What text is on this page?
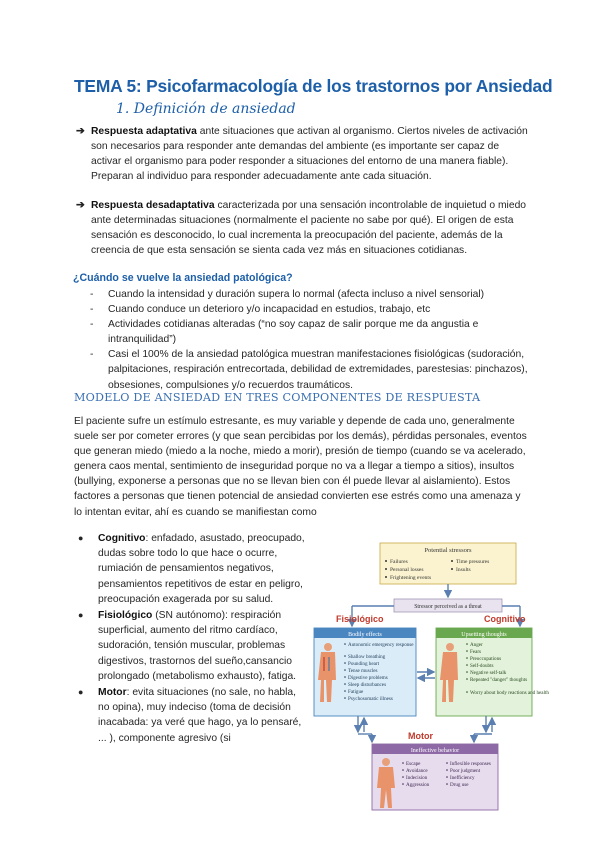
TEMA 5: Psicofarmacología de los trastornos por Ansiedad
1. Definición de ansiedad
➔ Respuesta adaptativa ante situaciones que activan al organismo. Ciertos niveles de activación son necesarios para responder ante demandas del ambiente (es importante ser capaz de activar el organismo para poder responder a situaciones del entorno de una manera fiable). Preparan al individuo para responder adecuadamente ante cada situación.
➔ Respuesta desadaptativa caracterizada por una sensación incontrolable de inquietud o miedo ante determinadas situaciones (normalmente el paciente no sabe por qué). El origen de esta sensación es desconocido, lo cual incrementa la preocupación del paciente, además de la creencia de que esta sensación se sienta cada vez más en situaciones cotidianas.
¿Cuándo se vuelve la ansiedad patológica?
- Cuando la intensidad y duración supera lo normal (afecta incluso a nivel sensorial)
- Cuando conduce un deterioro y/o incapacidad en estudios, trabajo, etc
- Actividades cotidianas alteradas (“no soy capaz de salir porque me da angustia e intranquilidad”)
- Casi el 100% de la ansiedad patológica muestran manifestaciones fisiológicas (sudoración, palpitaciones, respiración entrecortada, debilidad de extremidades, parestesias: pinchazos), obsesiones, compulsiones y/o recuerdos traumáticos.
MODELO DE ANSIEDAD EN TRES COMPONENTES DE RESPUESTA
El paciente sufre un estímulo estresante, es muy variable y depende de cada uno, generalmente suele ser por cometer errores (y que sean percibidas por los demás), pérdidas personales, eventos que generan miedo (miedo a la noche, miedo a morir), presión de tiempo (cuando se va acelerado, genera caos mental, sentimiento de inseguridad porque no va a llegar a tiempo a sitios), insultos (bullying, exponerse a personas que no se llevan bien con él puede llevar al aislamiento). Estos factores a personas que tienen potencial de ansiedad convierten ese estrés como una amenaza y lo intentan evitar, ahí es cuando se manifiestan como
● Cognitivo: enfadado, asustado, preocupado, dudas sobre todo lo que hace o ocurre, rumiación de pensamientos negativos, pensamientos repetitivos de estar en peligro, preocupación exagerada por su salud.
● Fisiológico (SN autónomo): respiración superficial, aumento del ritmo cardíaco, sudoración, tensión muscular, problemas digestivos, trastornos del sueño,cansancio prolongado (metabolismo exhausto), fatiga.
● Motor: evita situaciones (no sale, no habla, no opina), muy indeciso (toma de decisión inacabada: ya veré que hago, ya lo pensaré, ... ), componente agresivo (si
Potential stressors
Failures
Personal losses
Frightening events
Time pressures
Insults
Stressor perceived as a threat
Fisiológico	Cognitivo
Bodily effects
Autonomic emergency response
Shallow breathing
Pounding heart
Tense muscles
Digestive problems
Sleep disturbances
Fatigue
Psychosomatic illness
Upsetting thoughts
Anger
Fears
Preoccupations
Self-doubts
Negative self-talk
Repeated "danger" thoughts
Worry about body reactions and health
Motor
Ineffective behavior
Escape
Avoidance
Indecision
Aggression
Inflexible responses
Poor judgment
Inefficiency
Drug use
